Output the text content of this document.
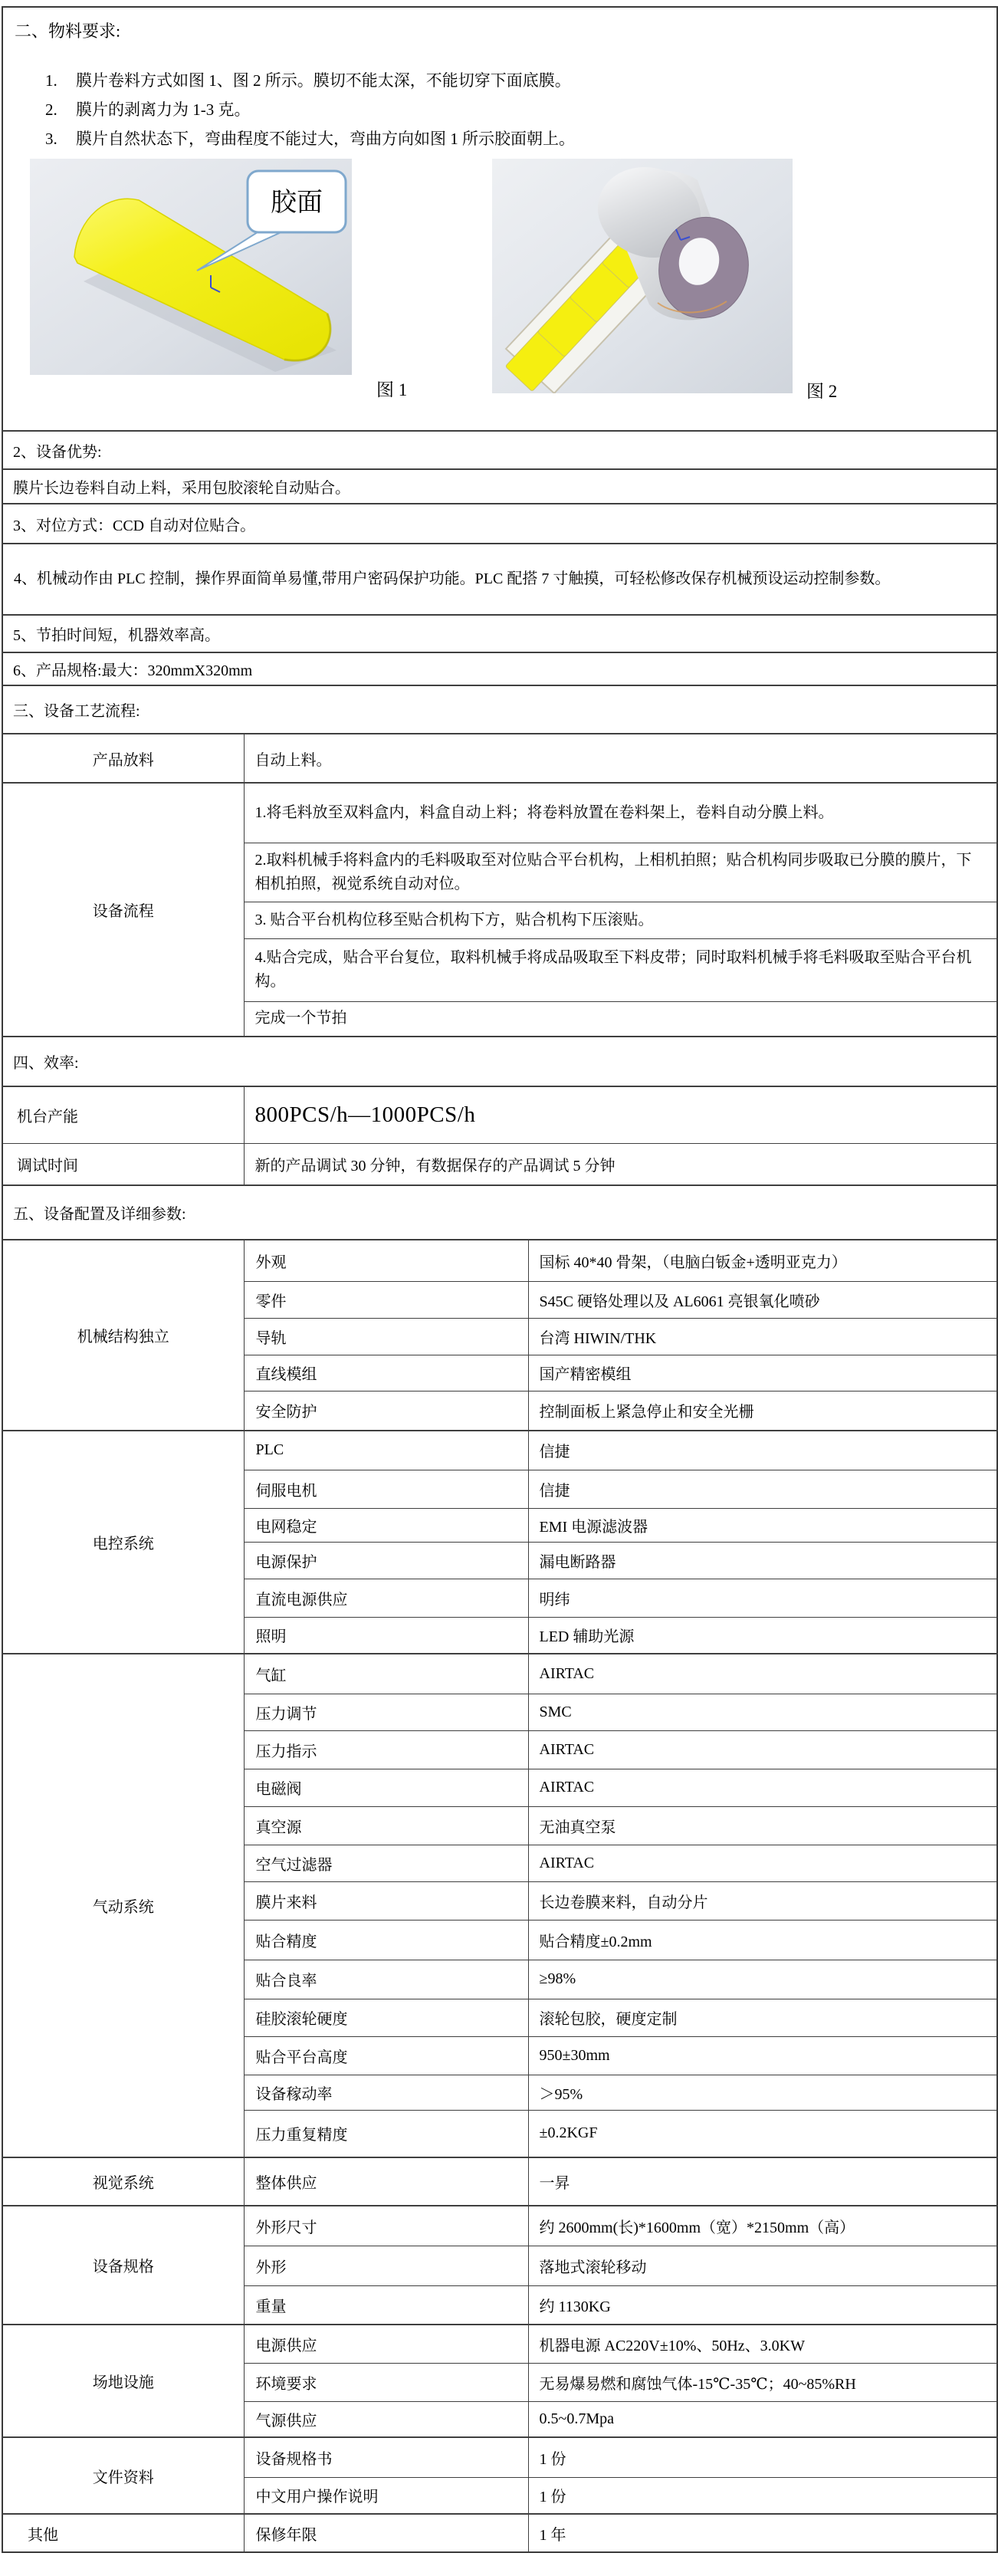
二、物料要求:
1. 膜片卷料方式如图 1、图 2 所示。膜切不能太深，不能切穿下面底膜。
2. 膜片的剥离力为 1-3 克。
3. 膜片自然状态下，弯曲程度不能过大，弯曲方向如图 1 所示胶面朝上。
胶面
图 1	图 2

2、设备优势:		
膜片长边卷料自动上料，采用包胶滚轮自动贴合。		
3、对位方式：CCD 自动对位贴合。		
4、机械动作由 PLC 控制，操作界面简单易懂,带用户密码保护功能。PLC 配搭 7 寸触摸，可轻松修改保存机械预设运动控制参数。		
5、节拍时间短，机器效率高。		
6、产品规格:最大：320mmX320mm		
三、设备工艺流程:		
产品放料	自动上料。	
设备流程	1.将毛料放至双料盒内，料盒自动上料；将卷料放置在卷料架上，卷料自动分膜上料。	
	2.取料机械手将料盒内的毛料吸取至对位贴合平台机构，上相机拍照；贴合机构同步吸取已分膜的膜片，下相机拍照，视觉系统自动对位。	
	3. 贴合平台机构位移至贴合机构下方，贴合机构下压滚贴。	
	4.贴合完成，贴合平台复位，取料机械手将成品吸取至下料皮带；同时取料机械手将毛料吸取至贴合平台机构。	
	完成一个节拍	
四、效率:		
机台产能	800PCS/h—1000PCS/h	
调试时间	新的产品调试 30 分钟，有数据保存的产品调试 5 分钟	
五、设备配置及详细参数:		
机械结构独立	外观	国标 40*40 骨架，（电脑白钣金+透明亚克力）
	零件	S45C 硬铬处理以及 AL6061 亮银氧化喷砂
	导轨	台湾 HIWIN/THK
	直线模组	国产精密模组
	安全防护	控制面板上紧急停止和安全光栅
电控系统	PLC	信捷
	伺服电机	信捷
	电网稳定	EMI 电源滤波器
	电源保护	漏电断路器
	直流电源供应	明纬
	照明	LED 辅助光源
气动系统	气缸	AIRTAC
	压力调节	SMC
	压力指示	AIRTAC
	电磁阀	AIRTAC
	真空源	无油真空泵
	空气过滤器	AIRTAC
	膜片来料	长边卷膜来料，自动分片
	贴合精度	贴合精度±0.2mm
	贴合良率	≥98%
	硅胶滚轮硬度	滚轮包胶，硬度定制
	贴合平台高度	950±30mm
	设备稼动率	＞95%
	压力重复精度	±0.2KGF
视觉系统	整体供应	一昇
设备规格	外形尺寸	约 2600mm(长)*1600mm（宽）*2150mm（高）
	外形	落地式滚轮移动
	重量	约 1130KG
场地设施	电源供应	机器电源 AC220V±10%、50Hz、3.0KW
	环境要求	无易爆易燃和腐蚀气体-15℃-35℃；40~85%RH
	气源供应	0.5~0.7Mpa
文件资料	设备规格书	1 份
	中文用户操作说明	1 份
其他	保修年限	1 年
